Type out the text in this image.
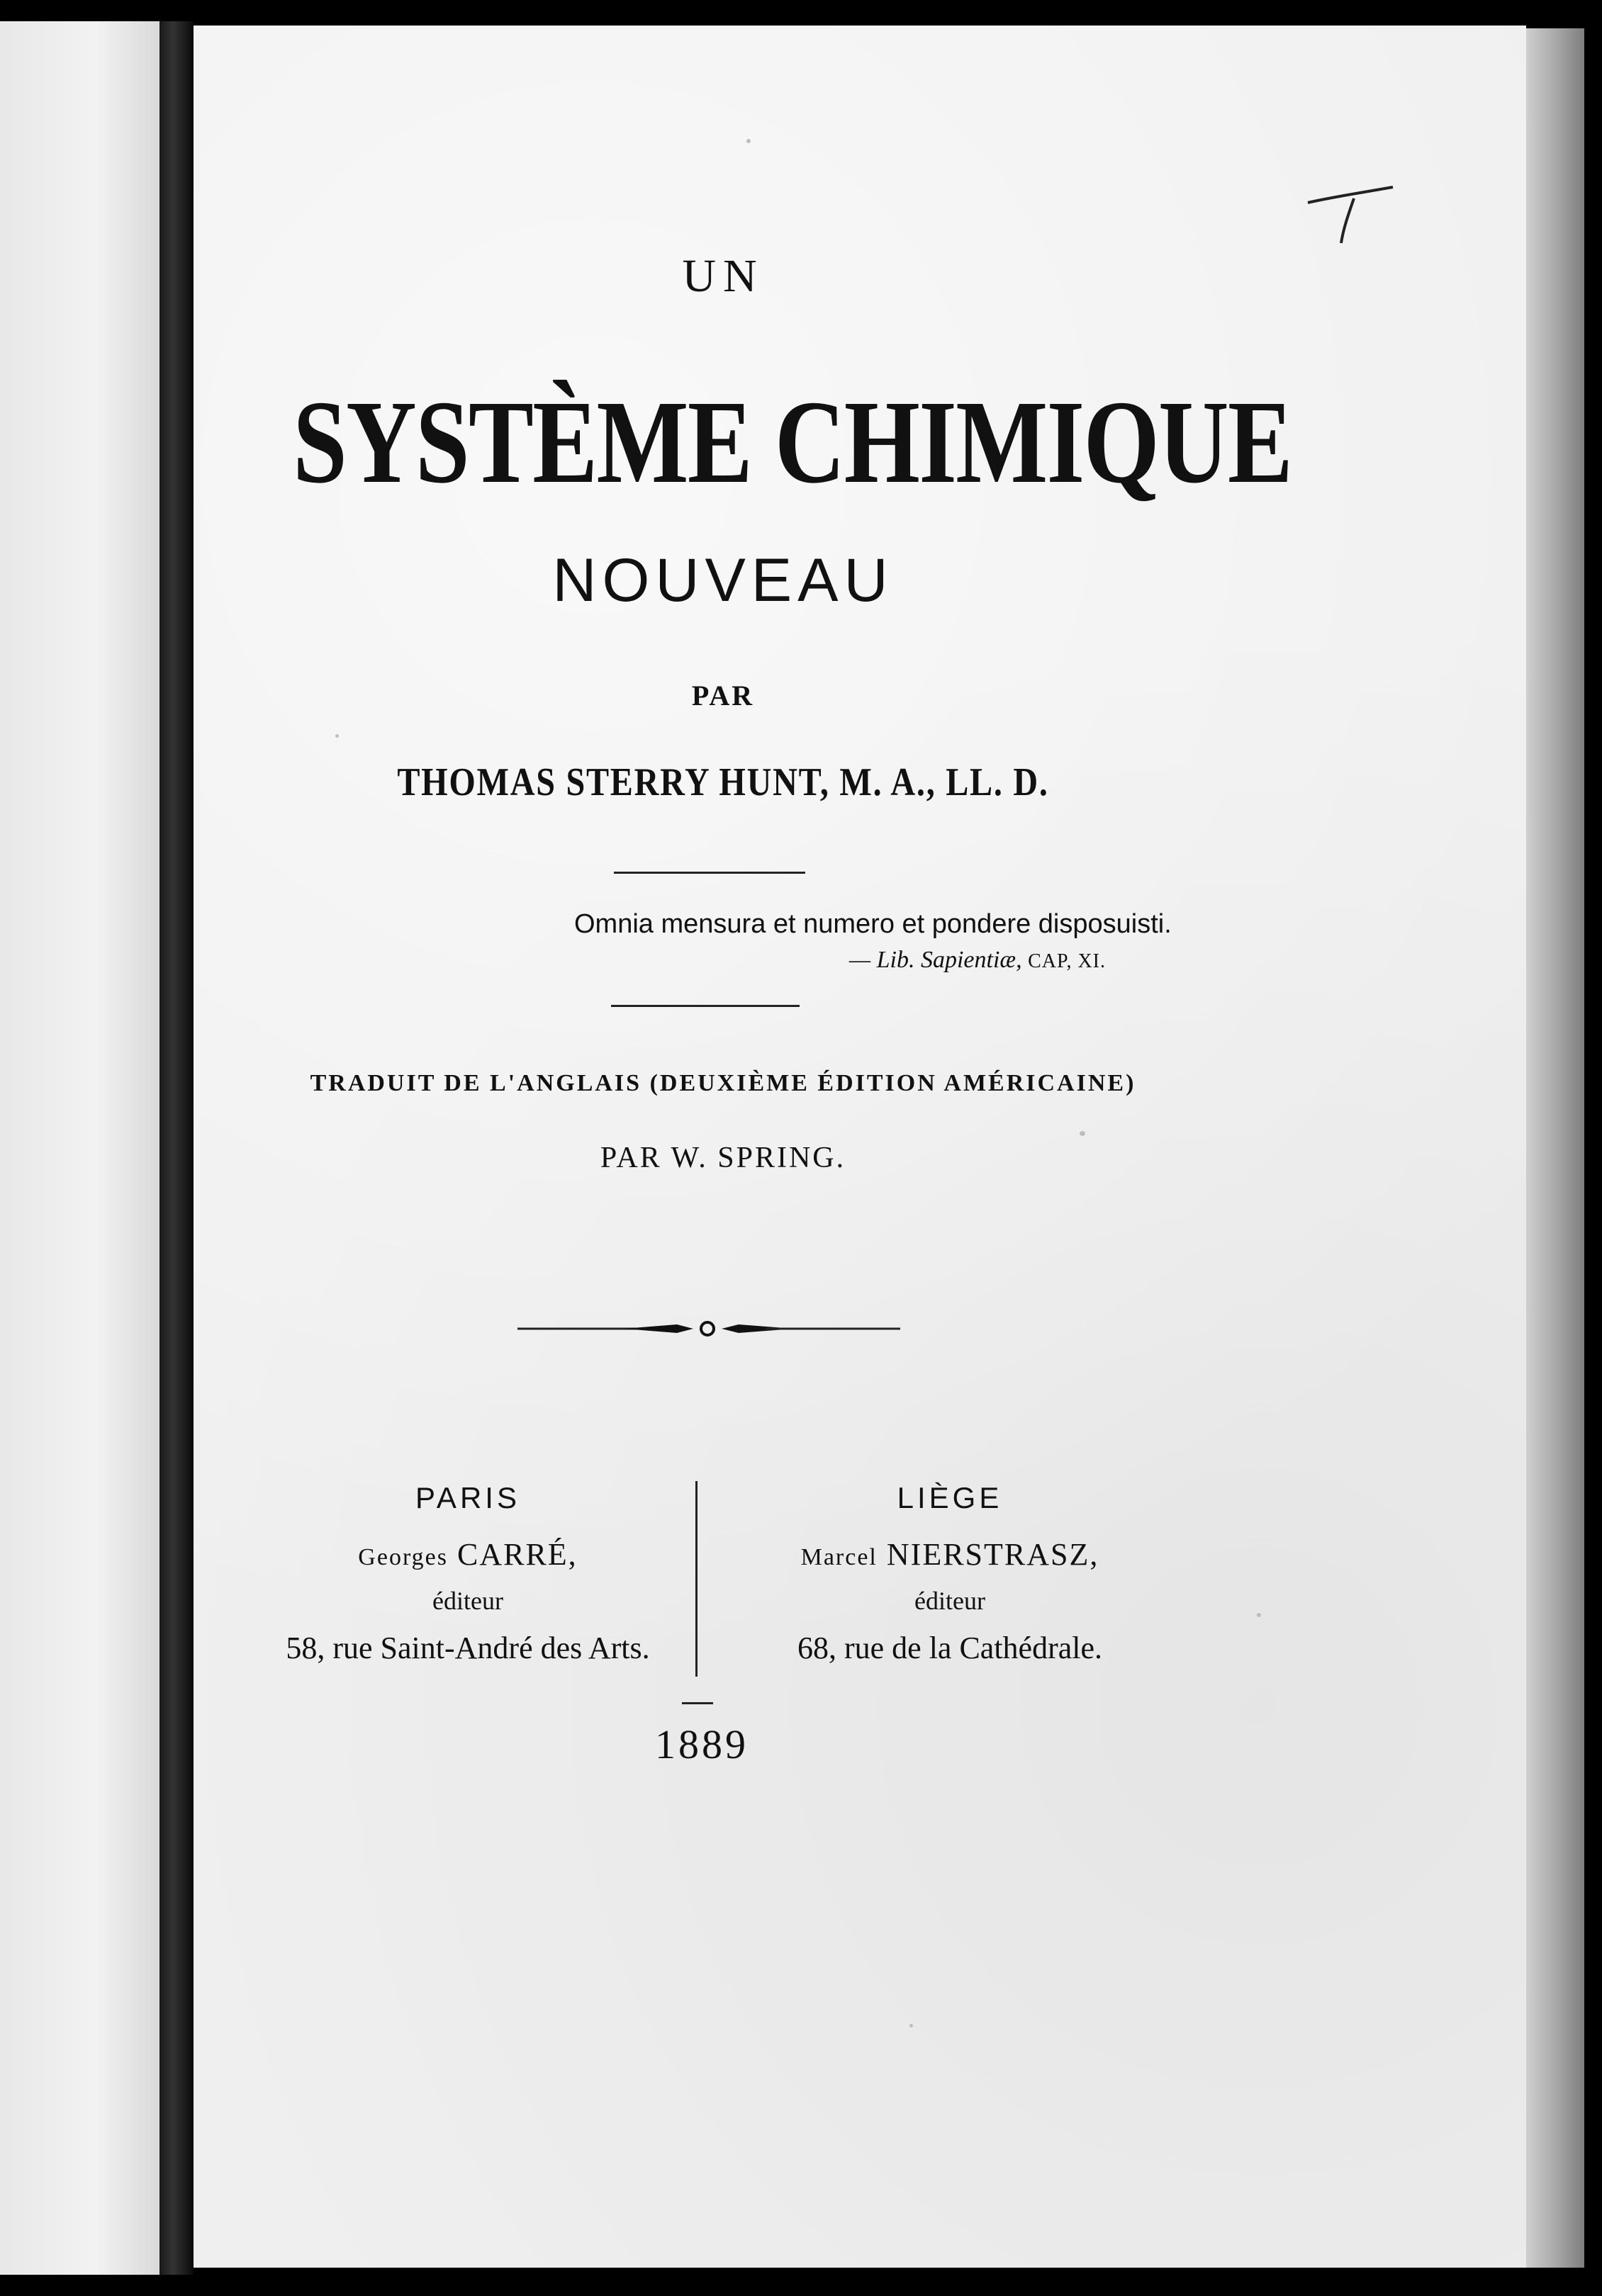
UN
SYSTÈME CHIMIQUE
NOUVEAU
PAR
THOMAS STERRY HUNT, M. A., LL. D.
Omnia mensura et numero et pondere disposuisti.
— Lib. Sapientiæ, CAP, XI.
TRADUIT DE L'ANGLAIS (DEUXIÈME ÉDITION AMÉRICAINE)
PAR W. SPRING.
PARIS
Georges CARRÉ,
éditeur
58, rue Saint-André des Arts.
LIÈGE
Marcel NIERSTRASZ,
éditeur
68, rue de la Cathédrale.
1889
